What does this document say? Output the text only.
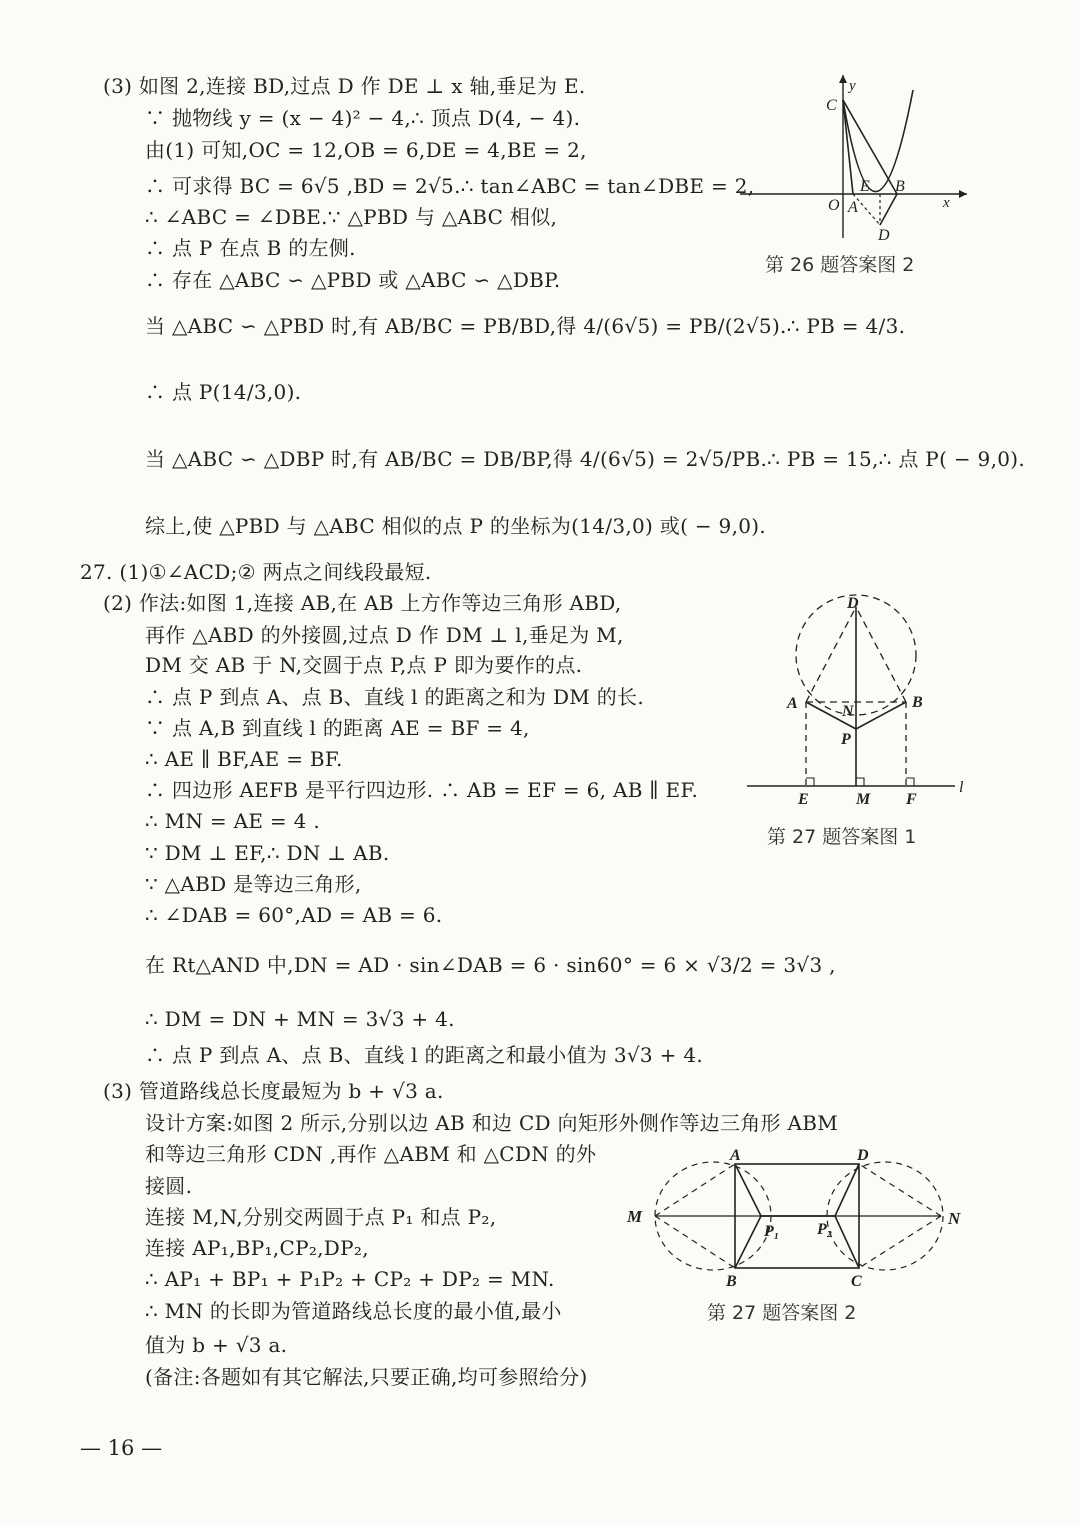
(3) 如图 2,连接 BD,过点 D 作 DE ⊥ x 轴,垂足为 E.
∵ 抛物线 y = (x − 4)² − 4,∴ 顶点 D(4, − 4).
由(1) 可知,OC = 12,OB = 6,DE = 4,BE = 2,
∴ 可求得 BC = 6√5 ,BD = 2√5.∴ tan∠ABC = tan∠DBE = 2,
∴ ∠ABC = ∠DBE.∵ △PBD 与 △ABC 相似,
∴ 点 P 在点 B 的左侧.
∴ 存在 △ABC ∽ △PBD 或 △ABC ∽ △DBP.
当 △ABC ∽ △PBD 时,有 AB/BC = PB/BD,得 4/(6√5) = PB/(2√5).∴ PB = 4/3.
∴ 点 P(14/3,0).
当 △ABC ∽ △DBP 时,有 AB/BC = DB/BP,得 4/(6√5) = 2√5/PB.∴ PB = 15,∴ 点 P( − 9,0).
综上,使 △PBD 与 △ABC 相似的点 P 的坐标为(14/3,0) 或( − 9,0).
27. (1)①∠ACD;② 两点之间线段最短.
(2) 作法:如图 1,连接 AB,在 AB 上方作等边三角形 ABD,
再作 △ABD 的外接圆,过点 D 作 DM ⊥ l,垂足为 M,
DM 交 AB 于 N,交圆于点 P,点 P 即为要作的点.
∴ 点 P 到点 A、点 B、直线 l 的距离之和为 DM 的长.
∵ 点 A,B 到直线 l 的距离 AE = BF = 4,
∴ AE ∥ BF,AE = BF.
∴ 四边形 AEFB 是平行四边形. ∴ AB = EF = 6, AB ∥ EF.
∴ MN = AE = 4 .
∵ DM ⊥ EF,∴ DN ⊥ AB.
∵ △ABD 是等边三角形,
∴ ∠DAB = 60°,AD = AB = 6.
在 Rt△AND 中,DN = AD · sin∠DAB = 6 · sin60° = 6 × √3/2 = 3√3 ,
∴ DM = DN + MN = 3√3 + 4.
∴ 点 P 到点 A、点 B、直线 l 的距离之和最小值为 3√3 + 4.
(3) 管道路线总长度最短为 b + √3 a.
设计方案:如图 2 所示,分别以边 AB 和边 CD 向矩形外侧作等边三角形 ABM
和等边三角形 CDN ,再作 △ABM 和 △CDN 的外
接圆.
连接 M,N,分别交两圆于点 P₁ 和点 P₂,
连接 AP₁,BP₁,CP₂,DP₂,
∴ AP₁ + BP₁ + P₁P₂ + CP₂ + DP₂ = MN.
∴ MN 的长即为管道路线总长度的最小值,最小
值为 b + √3 a.
(备注:各题如有其它解法,只要正确,均可参照给分)
y
C
O A
E B
x
D
第 26 题答案图 2
D
A	N
B
P
E	M F
l
第 27 题答案图 1
A	D
M
P₁ P₂
N
B	C
第 27 题答案图 2
— 16 —
